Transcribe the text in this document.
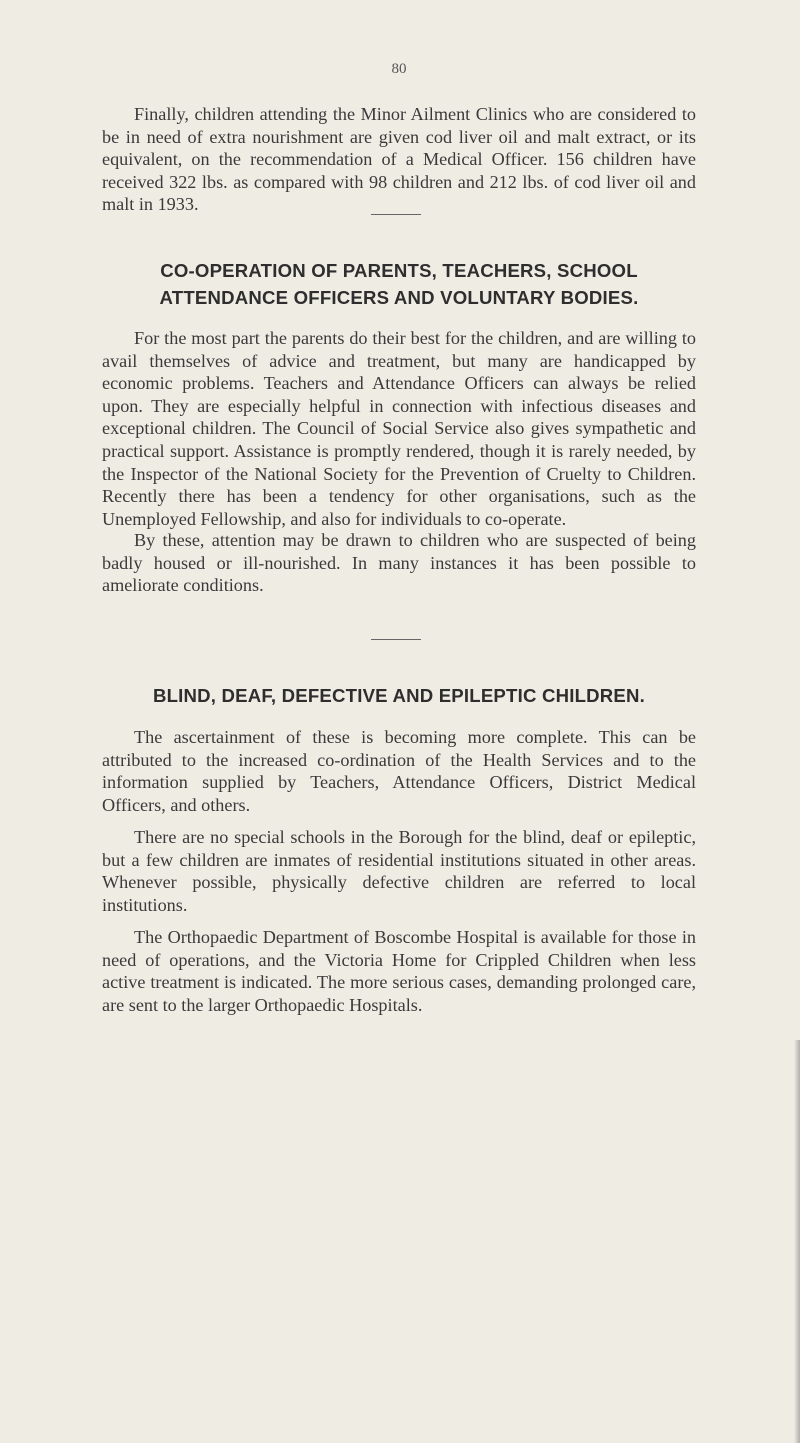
80

Finally, children attending the Minor Ailment Clinics who are considered to be in need of extra nourishment are given cod liver oil and malt extract, or its equivalent, on the recommendation of a Medical Officer. 156 children have received 322 lbs. as compared with 98 children and 212 lbs. of cod liver oil and malt in 1933.

CO-OPERATION OF PARENTS, TEACHERS, SCHOOL ATTENDANCE OFFICERS AND VOLUNTARY BODIES.

For the most part the parents do their best for the children, and are willing to avail themselves of advice and treatment, but many are handicapped by economic problems. Teachers and Attendance Officers can always be relied upon. They are especially helpful in connection with infectious diseases and exceptional children. The Council of Social Service also gives sympathetic and practical support. Assistance is promptly rendered, though it is rarely needed, by the Inspector of the National Society for the Prevention of Cruelty to Children. Recently there has been a tendency for other organisations, such as the Unemployed Fellowship, and also for individuals to co-operate.

By these, attention may be drawn to children who are suspected of being badly housed or ill-nourished. In many instances it has been possible to ameliorate conditions.

BLIND, DEAF, DEFECTIVE AND EPILEPTIC CHILDREN.

The ascertainment of these is becoming more complete. This can be attributed to the increased co-ordination of the Health Services and to the information supplied by Teachers, Attendance Officers, District Medical Officers, and others.

There are no special schools in the Borough for the blind, deaf or epileptic, but a few children are inmates of residential institutions situated in other areas. Whenever possible, physically defective children are referred to local institutions.

The Orthopaedic Department of Boscombe Hospital is available for those in need of operations, and the Victoria Home for Crippled Children when less active treatment is indicated. The more serious cases, demanding prolonged care, are sent to the larger Orthopaedic Hospitals.
